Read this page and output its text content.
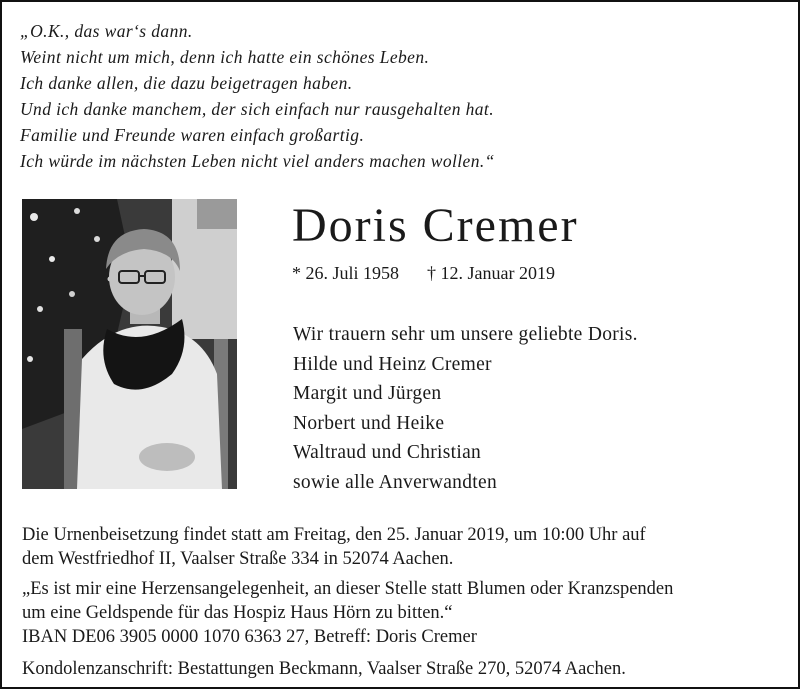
„O.K., das war‘s dann.
Weint nicht um mich, denn ich hatte ein schönes Leben.
Ich danke allen, die dazu beigetragen haben.
Und ich danke manchem, der sich einfach nur rausgehalten hat.
Familie und Freunde waren einfach großartig.
Ich würde im nächsten Leben nicht viel anders machen wollen.“
Doris Cremer
* 26. Juli 1958 † 12. Januar 2019
Wir trauern sehr um unsere geliebte Doris.
Hilde und Heinz Cremer
Margit und Jürgen
Norbert und Heike
Waltraud und Christian
sowie alle Anverwandten
Die Urnenbeisetzung findet statt am Freitag, den 25. Januar 2019, um 10:00 Uhr auf
dem Westfriedhof II, Vaalser Straße 334 in 52074 Aachen.
„Es ist mir eine Herzensangelegenheit, an dieser Stelle statt Blumen oder Kranzspenden
um eine Geldspende für das Hospiz Haus Hörn zu bitten.“
IBAN DE06 3905 0000 1070 6363 27, Betreff: Doris Cremer
Kondolenzanschrift: Bestattungen Beckmann, Vaalser Straße 270, 52074 Aachen.
